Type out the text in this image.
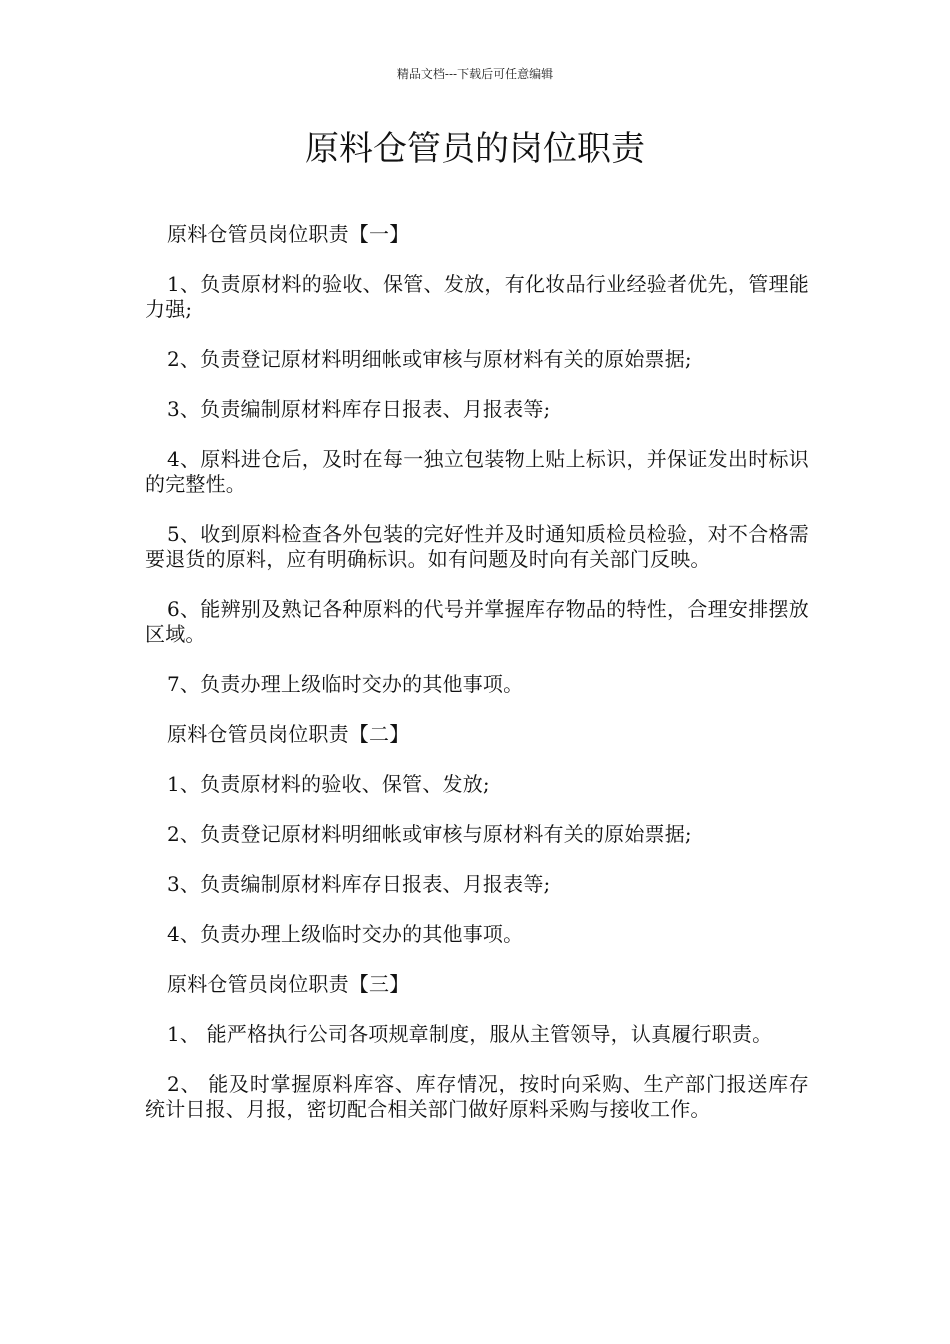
精品文档---下载后可任意编辑
原料仓管员的岗位职责

原料仓管员岗位职责【一】

1、负责原材料的验收、保管、发放，有化妆品行业经验者优先，管理能力强;

2、负责登记原材料明细帐或审核与原材料有关的原始票据;

3、负责编制原材料库存日报表、月报表等;

4、原料进仓后，及时在每一独立包装物上贴上标识，并保证发出时标识的完整性。

5、收到原料检查各外包装的完好性并及时通知质检员检验，对不合格需要退货的原料，应有明确标识。如有问题及时向有关部门反映。

6、能辨别及熟记各种原料的代号并掌握库存物品的特性，合理安排摆放区域。

7、负责办理上级临时交办的其他事项。

原料仓管员岗位职责【二】

1、负责原材料的验收、保管、发放;

2、负责登记原材料明细帐或审核与原材料有关的原始票据;

3、负责编制原材料库存日报表、月报表等;

4、负责办理上级临时交办的其他事项。

原料仓管员岗位职责【三】

1、 能严格执行公司各项规章制度，服从主管领导，认真履行职责。

2、 能及时掌握原料库容、库存情况，按时向采购、生产部门报送库存统计日报、月报，密切配合相关部门做好原料采购与接收工作。
